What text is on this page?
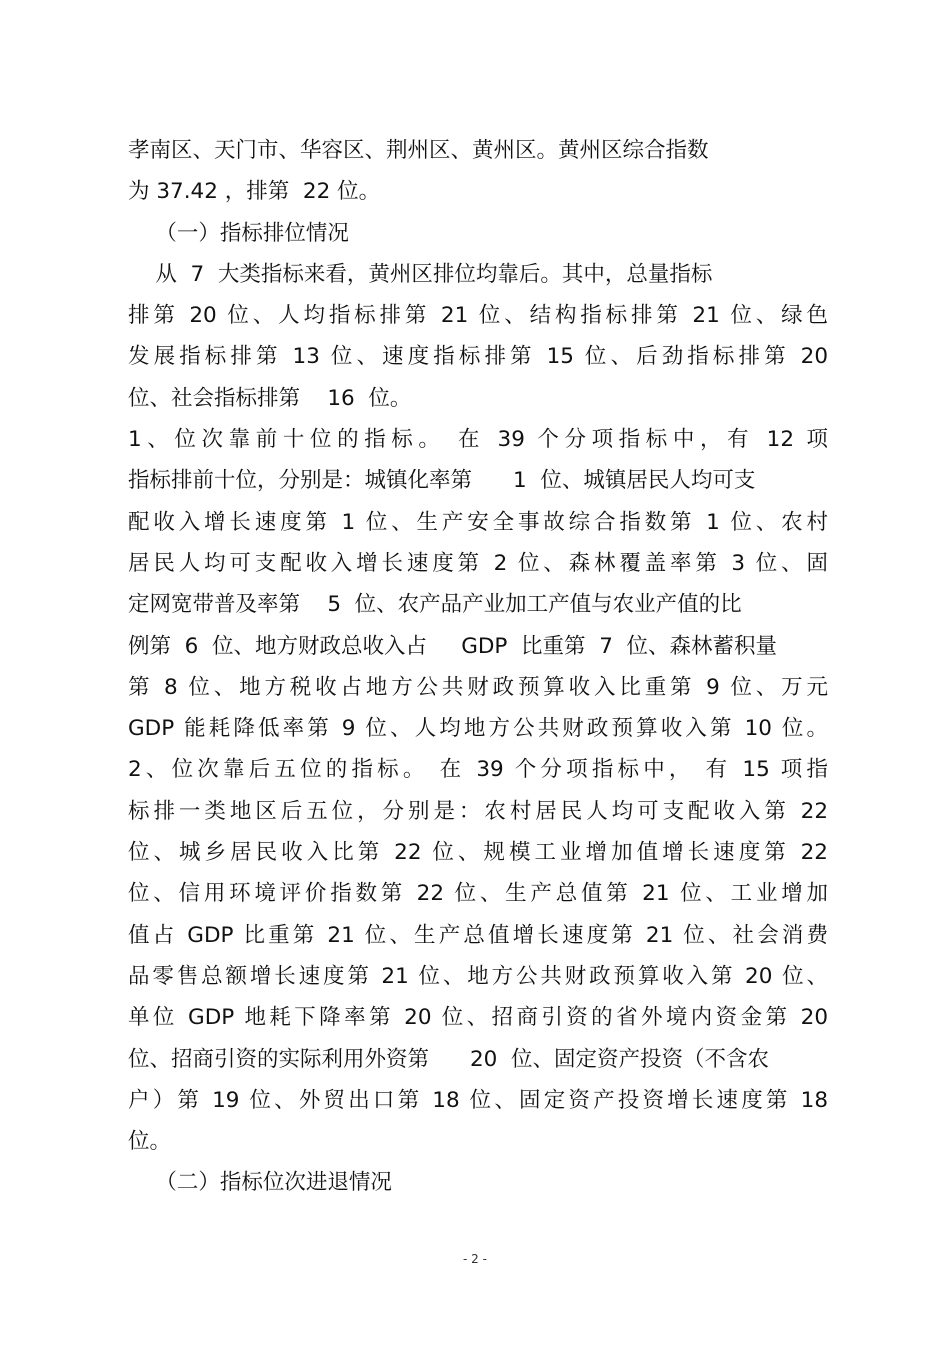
孝南区、天门市、华容区、荆州区、黄州区。黄州区综合指数
为 37.42 ，排第  22 位。
（一）指标排位情况
从  7  大类指标来看，黄州区排位均靠后。其中，总量指标
排第 20 位、人均指标排第 21 位、结构指标排第 21 位、绿色
发展指标排第 13 位、速度指标排第 15 位、后劲指标排第 20
位、社会指标排第    16  位。
1、位次靠前十位的指标。 在 39 个分项指标中，有 12 项
指标排前十位，分别是：城镇化率第      1  位、城镇居民人均可支
配收入增长速度第 1 位、生产安全事故综合指数第 1 位、农村
居民人均可支配收入增长速度第 2 位、森林覆盖率第 3 位、固
定网宽带普及率第    5  位、农产品产业加工产值与农业产值的比
例第  6  位、地方财政总收入占     GDP  比重第  7  位、森林蓄积量
第 8 位、地方税收占地方公共财政预算收入比重第 9 位、万元
GDP 能耗降低率第 9 位、人均地方公共财政预算收入第 10 位。
2、位次靠后五位的指标。 在 39 个分项指标中， 有 15 项指
标排一类地区后五位，分别是：农村居民人均可支配收入第 22
位、城乡居民收入比第 22 位、规模工业增加值增长速度第 22
位、信用环境评价指数第 22 位、生产总值第 21 位、工业增加
值占 GDP 比重第 21 位、生产总值增长速度第 21 位、社会消费
品零售总额增长速度第 21 位、地方公共财政预算收入第 20 位、
单位 GDP 地耗下降率第 20 位、招商引资的省外境内资金第 20
位、招商引资的实际利用外资第      20  位、固定资产投资（不含农
户）第 19 位、外贸出口第 18 位、固定资产投资增长速度第 18
位。
（二）指标位次进退情况
- 2 -
